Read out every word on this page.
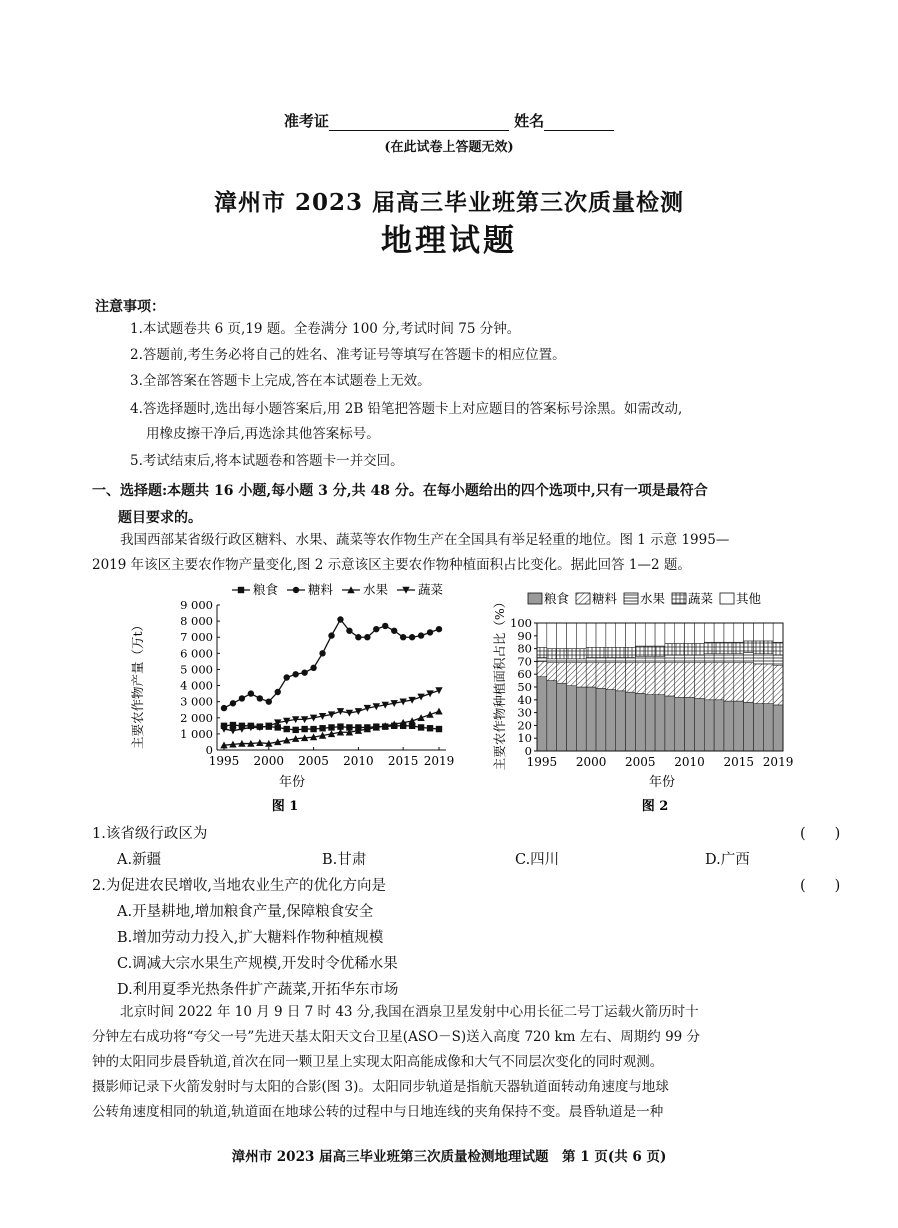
准考证	姓名
(在此试卷上答题无效)
漳州市 2023 届高三毕业班第三次质量检测
地理试题
注意事项：
1.本试题卷共 6 页,19 题。全卷满分 100 分,考试时间 75 分钟。
2.答题前,考生务必将自己的姓名、准考证号等填写在答题卡的相应位置。
3.全部答案在答题卡上完成,答在本试题卷上无效。
4.答选择题时,选出每小题答案后,用 2B 铅笔把答题卡上对应题目的答案标号涂黑。如需改动,
用橡皮擦干净后,再选涂其他答案标号。
5.考试结束后,将本试题卷和答题卡一并交回。
一、选择题:本题共 16 小题,每小题 3 分,共 48 分。在每小题给出的四个选项中,只有一项是最符合
题目要求的。
我国西部某省级行政区糖料、水果、蔬菜等农作物生产在全国具有举足轻重的地位。图 1 示意 1995—
2019 年该区主要农作物产量变化,图 2 示意该区主要农作物种植面积占比变化。据此回答 1—2 题。
粮食 糖料 水果 蔬菜
0
1 000
2 000
3 000
4 000
5 000
6 000
7 000
8 000
9 000
1995 2000 2005 2010 2015 2019
年份
图 1
主要农作物产量（万t）
粮食 糖料 水果 蔬菜 其他
0
10
20
30
40
50
60
70
80
90
100
1995 2000 2005 2010 2015 2019
年份
图 2
主要农作物种植面积占比（%）
1.该省级行政区为	(　　)
A.新疆	B.甘肃	C.四川	D.广西
2.为促进农民增收,当地农业生产的优化方向是	(　　)
A.开垦耕地,增加粮食产量,保障粮食安全
B.增加劳动力投入,扩大糖料作物种植规模
C.调减大宗水果生产规模,开发时令优稀水果
D.利用夏季光热条件扩产蔬菜,开拓华东市场
北京时间 2022 年 10 月 9 日 7 时 43 分,我国在酒泉卫星发射中心用长征二号丁运载火箭历时十
分钟左右成功将“夸父一号”先进天基太阳天文台卫星(ASO－S)送入高度 720 km 左右、周期约 99 分
钟的太阳同步晨昏轨道,首次在同一颗卫星上实现太阳高能成像和大气不同层次变化的同时观测。
摄影师记录下火箭发射时与太阳的合影(图 3)。太阳同步轨道是指航天器轨道面转动角速度与地球
公转角速度相同的轨道,轨道面在地球公转的过程中与日地连线的夹角保持不变。晨昏轨道是一种
漳州市 2023 届高三毕业班第三次质量检测地理试题　第 1 页(共 6 页)
